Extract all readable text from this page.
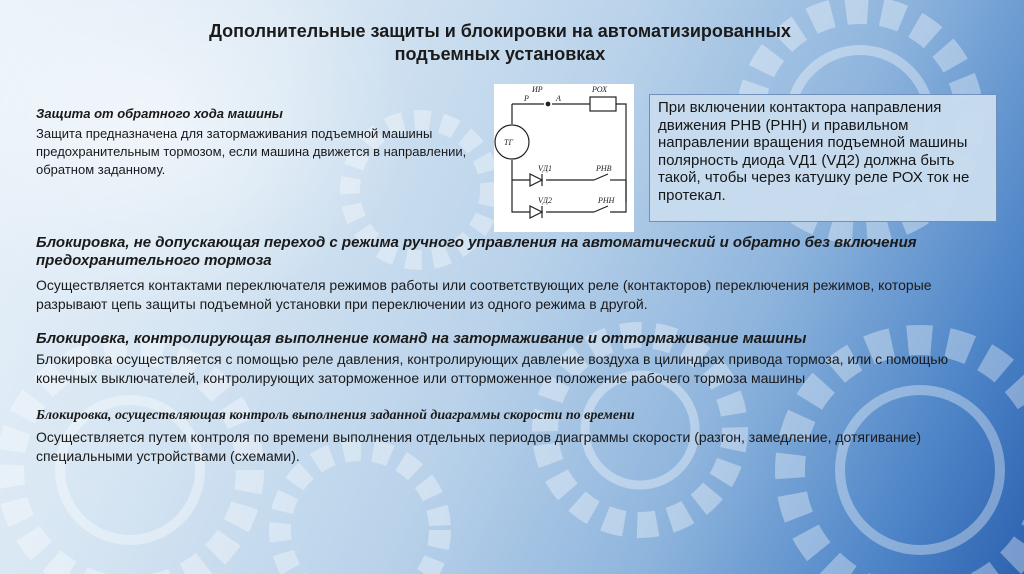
Дополнительные защиты и блокировки на автоматизированных
подъемных установках
Защита от обратного хода машины
Защита предназначена для затормаживания подъемной машины предохранительным тормозом, если машина движется в направлении, обратном заданному.
ИР
Р	А
РОХ
ТГ
VД1	РНВ
VД2	РНН
При включении контактора направления движения РНВ (РНН) и правильном направлении вращения подъемной машины полярность диода VД1 (VД2) должна быть такой, чтобы через катушку реле РОХ ток не протекал.
Блокировка, не допускающая переход с режима ручного управления на автоматический и обратно без включения предохранительного тормоза
Осуществляется контактами переключателя режимов работы или соответствующих реле (контакторов) переключения режимов, которые разрывают цепь защиты подъемной установки при переключении из одного режима в другой.
Блокировка, контролирующая выполнение команд на затормаживание и оттормаживание машины
Блокировка осуществляется с помощью реле давления, контролирующих давление воздуха в цилиндрах привода тормоза, или с помощью конечных выключателей, контролирующих заторможенное или отторможенное положение рабочего тормоза машины
Блокировка, осуществляющая контроль выполнения заданной диаграммы скорости по времени
Осуществляется путем контроля по времени выполнения отдельных периодов диаграммы скорости (разгон, замедление, дотягивание) специальными устройствами (схемами).
